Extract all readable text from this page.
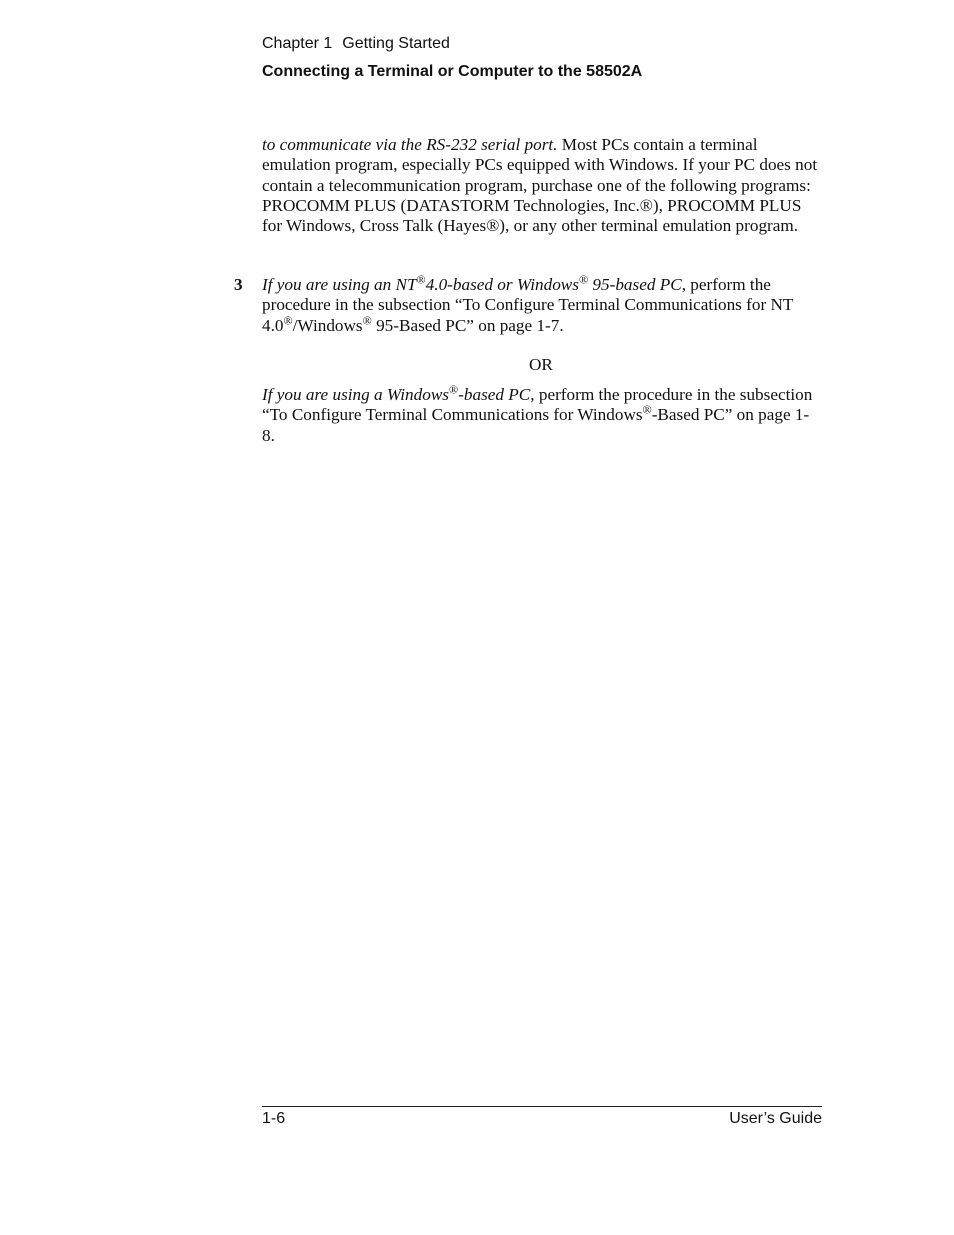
Chapter 1 Getting Started
Connecting a Terminal or Computer to the 58502A
to communicate via the RS-232 serial port. Most PCs contain a terminal emulation program, especially PCs equipped with Windows. If your PC does not contain a telecommunication program, purchase one of the following programs: PROCOMM PLUS (DATASTORM Technologies, Inc.®), PROCOMM PLUS for Windows, Cross Talk (Hayes®), or any other terminal emulation program.
3 If you are using an NT®4.0-based or Windows® 95-based PC, perform the procedure in the subsection “To Configure Terminal Communications for NT 4.0®/Windows® 95-Based PC” on page 1-7.
OR
If you are using a Windows®-based PC, perform the procedure in the subsection “To Configure Terminal Communications for Windows®-Based PC” on page 1-8.
1-6	User’s Guide
